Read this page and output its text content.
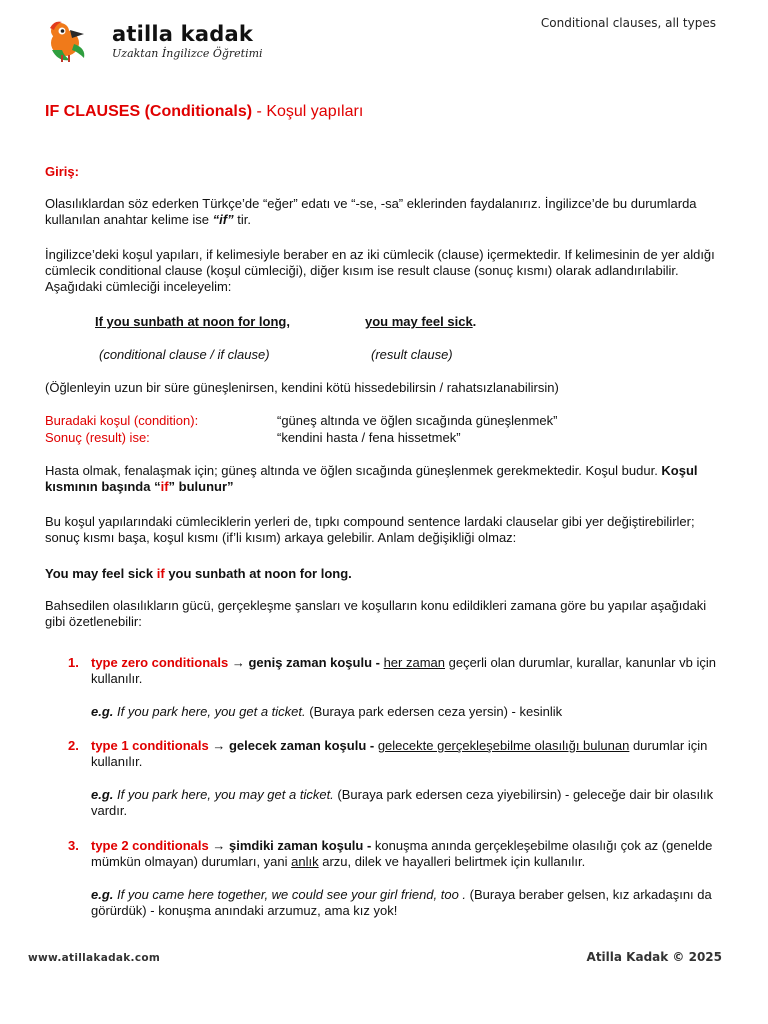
atilla kadak
Uzaktan İngilizce Öğretimi
Conditional clauses, all types
IF CLAUSES (Conditionals) - Koşul yapıları
Giriş:
Olasılıklardan söz ederken Türkçe’de “eğer” edatı ve “-se, -sa” eklerinden faydalanırız. İngilizce’de bu durumlarda kullanılan anahtar kelime ise “if” tir.
İngilizce’deki koşul yapıları, if kelimesiyle beraber en az iki cümlecik (clause) içermektedir. If kelimesinin de yer aldığı cümlecik conditional clause (koşul cümleciği), diğer kısım ise result clause (sonuç kısmı) olarak adlandırılabilir. Aşağıdaki cümleciği inceleyelim:
If you sunbath at noon for long,	you may feel sick.
(conditional clause / if clause)	(result clause)
(Öğlenleyin uzun bir süre güneşlenirsen, kendini kötü hissedebilirsin / rahatsızlanabilirsin)
Buradaki koşul (condition):	“güneş altında ve öğlen sıcağında güneşlenmek”
Sonuç (result) ise:	“kendini hasta / fena hissetmek”
Hasta olmak, fenalaşmak için; güneş altında ve öğlen sıcağında güneşlenmek gerekmektedir. Koşul budur. Koşul kısmının başında “if” bulunur”
Bu koşul yapılarındaki cümleciklerin yerleri de, tıpkı compound sentence lardaki clauselar gibi yer değiştirebilirler; sonuç kısmı başa, koşul kısmı (if’li kısım) arkaya gelebilir. Anlam değişikliği olmaz:
You may feel sick if you sunbath at noon for long.
Bahsedilen olasılıkların gücü, gerçekleşme şansları ve koşulların konu edildikleri zamana göre bu yapılar aşağıdaki gibi özetlenebilir:
1. type zero conditionals → geniş zaman koşulu - her zaman geçerli olan durumlar, kurallar, kanunlar vb için kullanılır.
e.g. If you park here, you get a ticket. (Buraya park edersen ceza yersin) - kesinlik
2. type 1 conditionals → gelecek zaman koşulu - gelecekte gerçekleşebilme olasılığı bulunan durumlar için kullanılır.
e.g. If you park here, you may get a ticket. (Buraya park edersen ceza yiyebilirsin) - geleceğe dair bir olasılık vardır.
3. type 2 conditionals → şimdiki zaman koşulu - konuşma anında gerçekleşebilme olasılığı çok az (genelde mümkün olmayan) durumları, yani anlık arzu, dilek ve hayalleri belirtmek için kullanılır.
e.g. If you came here together, we could see your girl friend, too . (Buraya beraber gelsen, kız arkadaşını da görürdük) - konuşma anındaki arzumuz, ama kız yok!
www.atillakadak.com	Atilla Kadak © 2025
